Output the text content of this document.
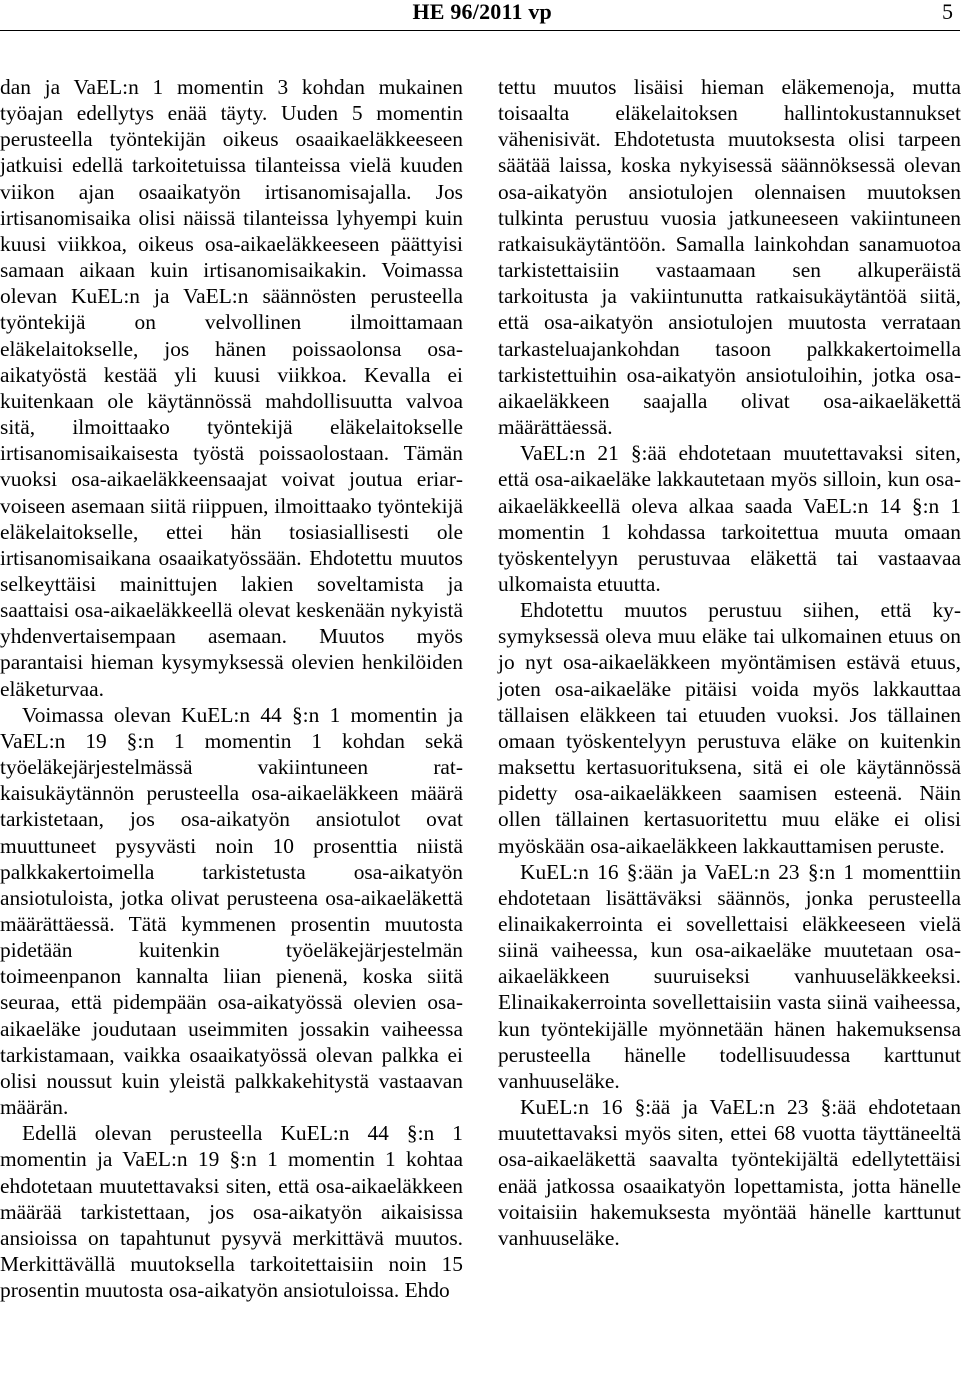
HE 96/2011 vp	5

dan ja VaEL:n 1 momentin 3 kohdan mukainen työajan edellytys enää täyty. Uuden 5 momentin perusteella työntekijän oikeus osaaikaeläkkeeseen jatkuisi edellä tarkoitetuissa tilanteissa vielä kuuden viikon ajan osaaikatyön irtisanomisajalla. Jos irtisanomisaika olisi näissä tilanteissa lyhyempi kuin kuusi viikkoa, oikeus osa-aikaeläkkeeseen päättyisi samaan aikaan kuin irtisanomisaikakin. Voimassa olevan KuEL:n ja VaEL:n säännösten perusteella työntekijä on velvollinen ilmoittamaan eläkelaitokselle, jos hänen poissaolonsa osa-aikatyöstä kestää yli kuusi viikkoa. Kevalla ei kuitenkaan ole käytännössä mahdollisuutta valvoa sitä, ilmoittaako työntekijä eläkelaitokselle irtisanomisaikaisesta työstä poissaolostaan. Tämän vuoksi osa-aikaeläkkeensaajat voivat joutua eriarvoiseen asemaan siitä riippuen, ilmoittaako työntekijä eläkelaitokselle, ettei hän tosiasiallisesti ole irtisanomisaikana osaaikatyössään. Ehdotettu muutos selkeyttäisi mainittujen lakien soveltamista ja saattaisi osa-aikaeläkkeellä olevat keskenään nykyistä yhdenvertaisempaan asemaan. Muutos myös parantaisi hieman kysymyksessä olevien henkilöiden eläketurvaa.

Voimassa olevan KuEL:n 44 §:n 1 momentin ja VaEL:n 19 §:n 1 momentin 1 kohdan sekä työeläkejärjestelmässä vakiintuneen ratkaisukäytännön perusteella osa-aikaeläkkeen määrä tarkistetaan, jos osa-aikatyön ansiotulot ovat muuttuneet pysyvästi noin 10 prosenttia niistä palkkakertoimella tarkistetusta osa-aikatyön ansiotuloista, jotka olivat perusteena osa-aikaeläkettä määrättäessä. Tätä kymmenen prosentin muutosta pidetään kuitenkin työeläkejärjestelmän toimeenpanon kannalta liian pienenä, koska siitä seuraa, että pidempään osa-aikatyössä olevien osaaikaeläke joudutaan useimmiten jossakin vaiheessa tarkistamaan, vaikka osaaikatyössä olevan palkka ei olisi noussut kuin yleistä palkkakehitystä vastaavan määrän.

Edellä olevan perusteella KuEL:n 44 §:n 1 momentin ja VaEL:n 19 §:n 1 momentin 1 kohtaa ehdotetaan muutettavaksi siten, että osa-aikaeläkkeen määrää tarkistettaan, jos osa-aikatyön aikaisissa ansioissa on tapahtunut pysyvä merkittävä muutos. Merkittävällä muutoksella tarkoitettaisiin noin 15 prosentin muutosta osa-aikatyön ansiotuloissa. Ehdo

tettu muutos lisäisi hieman eläkemenoja, mutta toisaalta eläkelaitoksen hallintokustannukset vähenisivät. Ehdotetusta muutoksesta olisi tarpeen säätää laissa, koska nykyisessä säännöksessä olevan osa-aikatyön ansiotulojen olennaisen muutoksen tulkinta perustuu vuosia jatkuneeseen vakiintuneen ratkaisukäytäntöön. Samalla lainkohdan sanamuotoa tarkistettaisiin vastaamaan sen alkuperäistä tarkoitusta ja vakiintunutta ratkaisukäytäntöä siitä, että osa-aikatyön ansiotulojen muutosta verrataan tarkasteluajankohdan tasoon palkkakertoimella tarkistettuihin osa-aikatyön ansiotuloihin, jotka osa-aikaeläkkeen saajalla olivat osa-aikaeläkettä määrättäessä.

VaEL:n 21 §:ää ehdotetaan muutettavaksi siten, että osa-aikaeläke lakkautetaan myös silloin, kun osa-aikaeläkkeellä oleva alkaa saada VaEL:n 14 §:n 1 momentin 1 kohdassa tarkoitettua muuta omaan työskentelyyn perustuvaa eläkettä tai vastaavaa ulkomaista etuutta.

Ehdotettu muutos perustuu siihen, että kysymyksessä oleva muu eläke tai ulkomainen etuus on jo nyt osa-aikaeläkkeen myöntämisen estävä etuus, joten osa-aikaeläke pitäisi voida myös lakkauttaa tällaisen eläkkeen tai etuuden vuoksi. Jos tällainen omaan työskentelyyn perustuva eläke on kuitenkin maksettu kertasuorituksena, sitä ei ole käytännössä pidetty osa-aikaeläkkeen saamisen esteenä. Näin ollen tällainen kertasuoritettu muu eläke ei olisi myöskään osa-aikaeläkkeen lakkauttamisen peruste.

KuEL:n 16 §:ään ja VaEL:n 23 §:n 1 momenttiin ehdotetaan lisättäväksi säännös, jonka perusteella elinaikakerrointa ei sovellettaisi eläkkeeseen vielä siinä vaiheessa, kun osa-aikaeläke muutetaan osa-aikaeläkkeen suuruiseksi vanhuuseläkkeeksi. Elinaikakerrointa sovellettaisiin vasta siinä vaiheessa, kun työntekijälle myönnetään hänen hakemuksensa perusteella hänelle todellisuudessa karttunut vanhuuseläke.

KuEL:n 16 §:ää ja VaEL:n 23 §:ää ehdotetaan muutettavaksi myös siten, ettei 68 vuotta täyttäneeltä osa-aikaeläkettä saavalta työntekijältä edellytettäisi enää jatkossa osaaikatyön lopettamista, jotta hänelle voitaisiin hakemuksesta myöntää hänelle karttunut vanhuuseläke.
